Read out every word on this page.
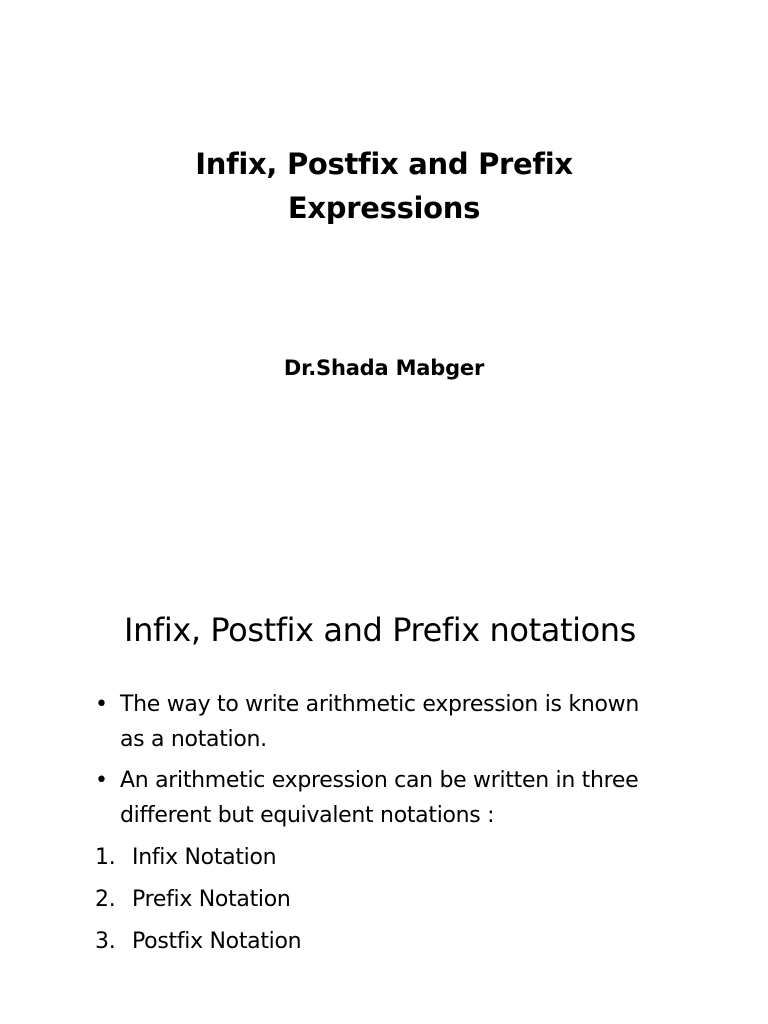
Infix, Postfix and Prefix
Expressions
Dr.Shada Mabger
Infix, Postfix and Prefix notations
• The way to write arithmetic expression is known as a notation.
• An arithmetic expression can be written in three different but equivalent notations :
1. Infix Notation
2. Prefix Notation
3. Postfix Notation
